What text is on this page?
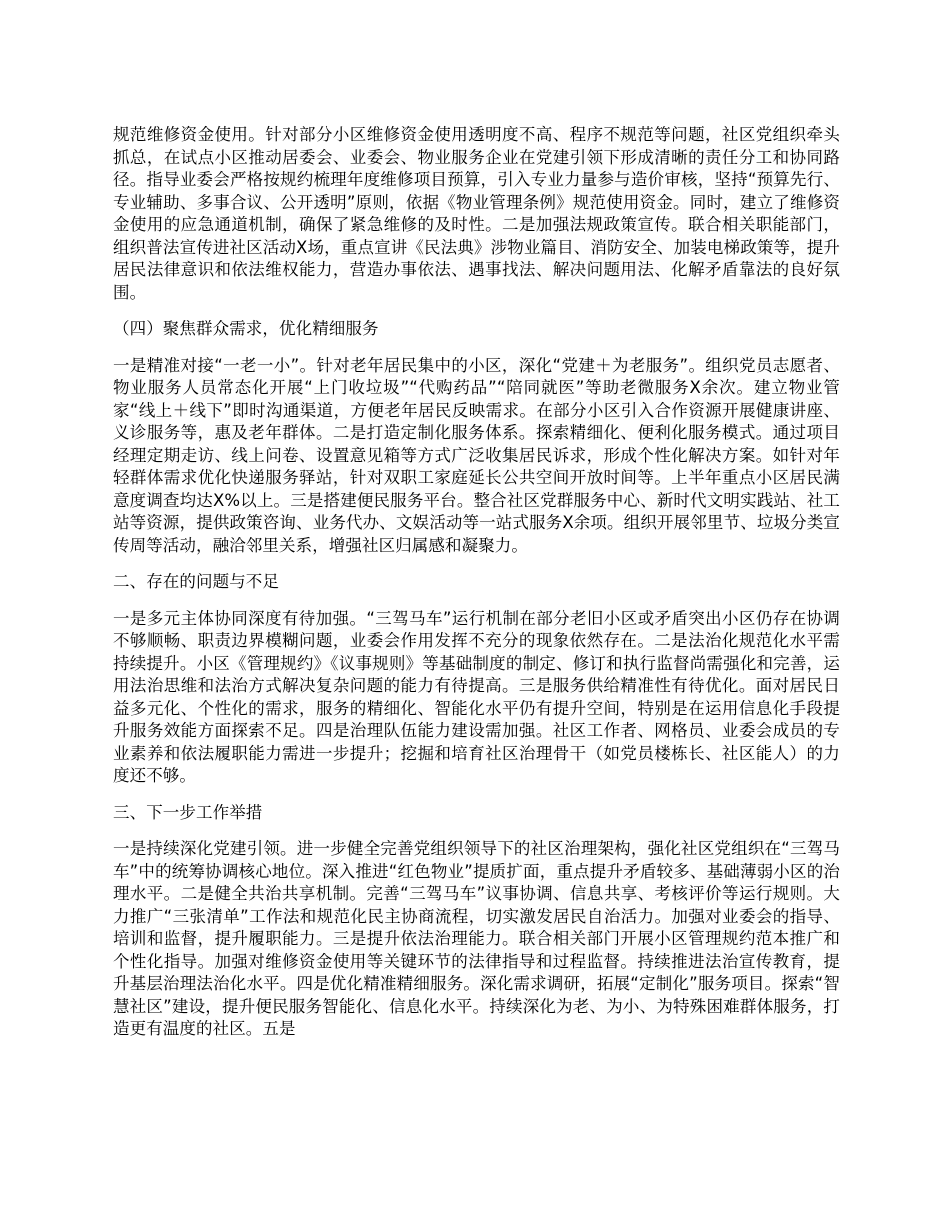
规范维修资金使用。针对部分小区维修资金使用透明度不高、程序不规范等问题，社区党组织牵头抓总，在试点小区推动居委会、业委会、物业服务企业在党建引领下形成清晰的责任分工和协同路径。指导业委会严格按规约梳理年度维修项目预算，引入专业力量参与造价审核，坚持“预算先行、专业辅助、多事合议、公开透明”原则，依据《物业管理条例》规范使用资金。同时，建立了维修资金使用的应急通道机制，确保了紧急维修的及时性。二是加强法规政策宣传。联合相关职能部门，组织普法宣传进社区活动X场，重点宣讲《民法典》涉物业篇目、消防安全、加装电梯政策等，提升居民法律意识和依法维权能力，营造办事依法、遇事找法、解决问题用法、化解矛盾靠法的良好氛围。

（四）聚焦群众需求，优化精细服务

一是精准对接“一老一小”。针对老年居民集中的小区，深化“党建＋为老服务”。组织党员志愿者、物业服务人员常态化开展“上门收垃圾”“代购药品”“陪同就医”等助老微服务X余次。建立物业管家“线上＋线下”即时沟通渠道，方便老年居民反映需求。在部分小区引入合作资源开展健康讲座、义诊服务等，惠及老年群体。二是打造定制化服务体系。探索精细化、便利化服务模式。通过项目经理定期走访、线上问卷、设置意见箱等方式广泛收集居民诉求，形成个性化解决方案。如针对年轻群体需求优化快递服务驿站，针对双职工家庭延长公共空间开放时间等。上半年重点小区居民满意度调查均达X%以上。三是搭建便民服务平台。整合社区党群服务中心、新时代文明实践站、社工站等资源，提供政策咨询、业务代办、文娱活动等一站式服务X余项。组织开展邻里节、垃圾分类宣传周等活动，融洽邻里关系，增强社区归属感和凝聚力。

二、存在的问题与不足

一是多元主体协同深度有待加强。“三驾马车”运行机制在部分老旧小区或矛盾突出小区仍存在协调不够顺畅、职责边界模糊问题，业委会作用发挥不充分的现象依然存在。二是法治化规范化水平需持续提升。小区《管理规约》《议事规则》等基础制度的制定、修订和执行监督尚需强化和完善，运用法治思维和法治方式解决复杂问题的能力有待提高。三是服务供给精准性有待优化。面对居民日益多元化、个性化的需求，服务的精细化、智能化水平仍有提升空间，特别是在运用信息化手段提升服务效能方面探索不足。四是治理队伍能力建设需加强。社区工作者、网格员、业委会成员的专业素养和依法履职能力需进一步提升；挖掘和培育社区治理骨干（如党员楼栋长、社区能人）的力度还不够。

三、下一步工作举措

一是持续深化党建引领。进一步健全完善党组织领导下的社区治理架构，强化社区党组织在“三驾马车”中的统筹协调核心地位。深入推进“红色物业”提质扩面，重点提升矛盾较多、基础薄弱小区的治理水平。二是健全共治共享机制。完善“三驾马车”议事协调、信息共享、考核评价等运行规则。大力推广“三张清单”工作法和规范化民主协商流程，切实激发居民自治活力。加强对业委会的指导、培训和监督，提升履职能力。三是提升依法治理能力。联合相关部门开展小区管理规约范本推广和个性化指导。加强对维修资金使用等关键环节的法律指导和过程监督。持续推进法治宣传教育，提升基层治理法治化水平。四是优化精准精细服务。深化需求调研，拓展“定制化”服务项目。探索“智慧社区”建设，提升便民服务智能化、信息化水平。持续深化为老、为小、为特殊困难群体服务，打造更有温度的社区。五是
